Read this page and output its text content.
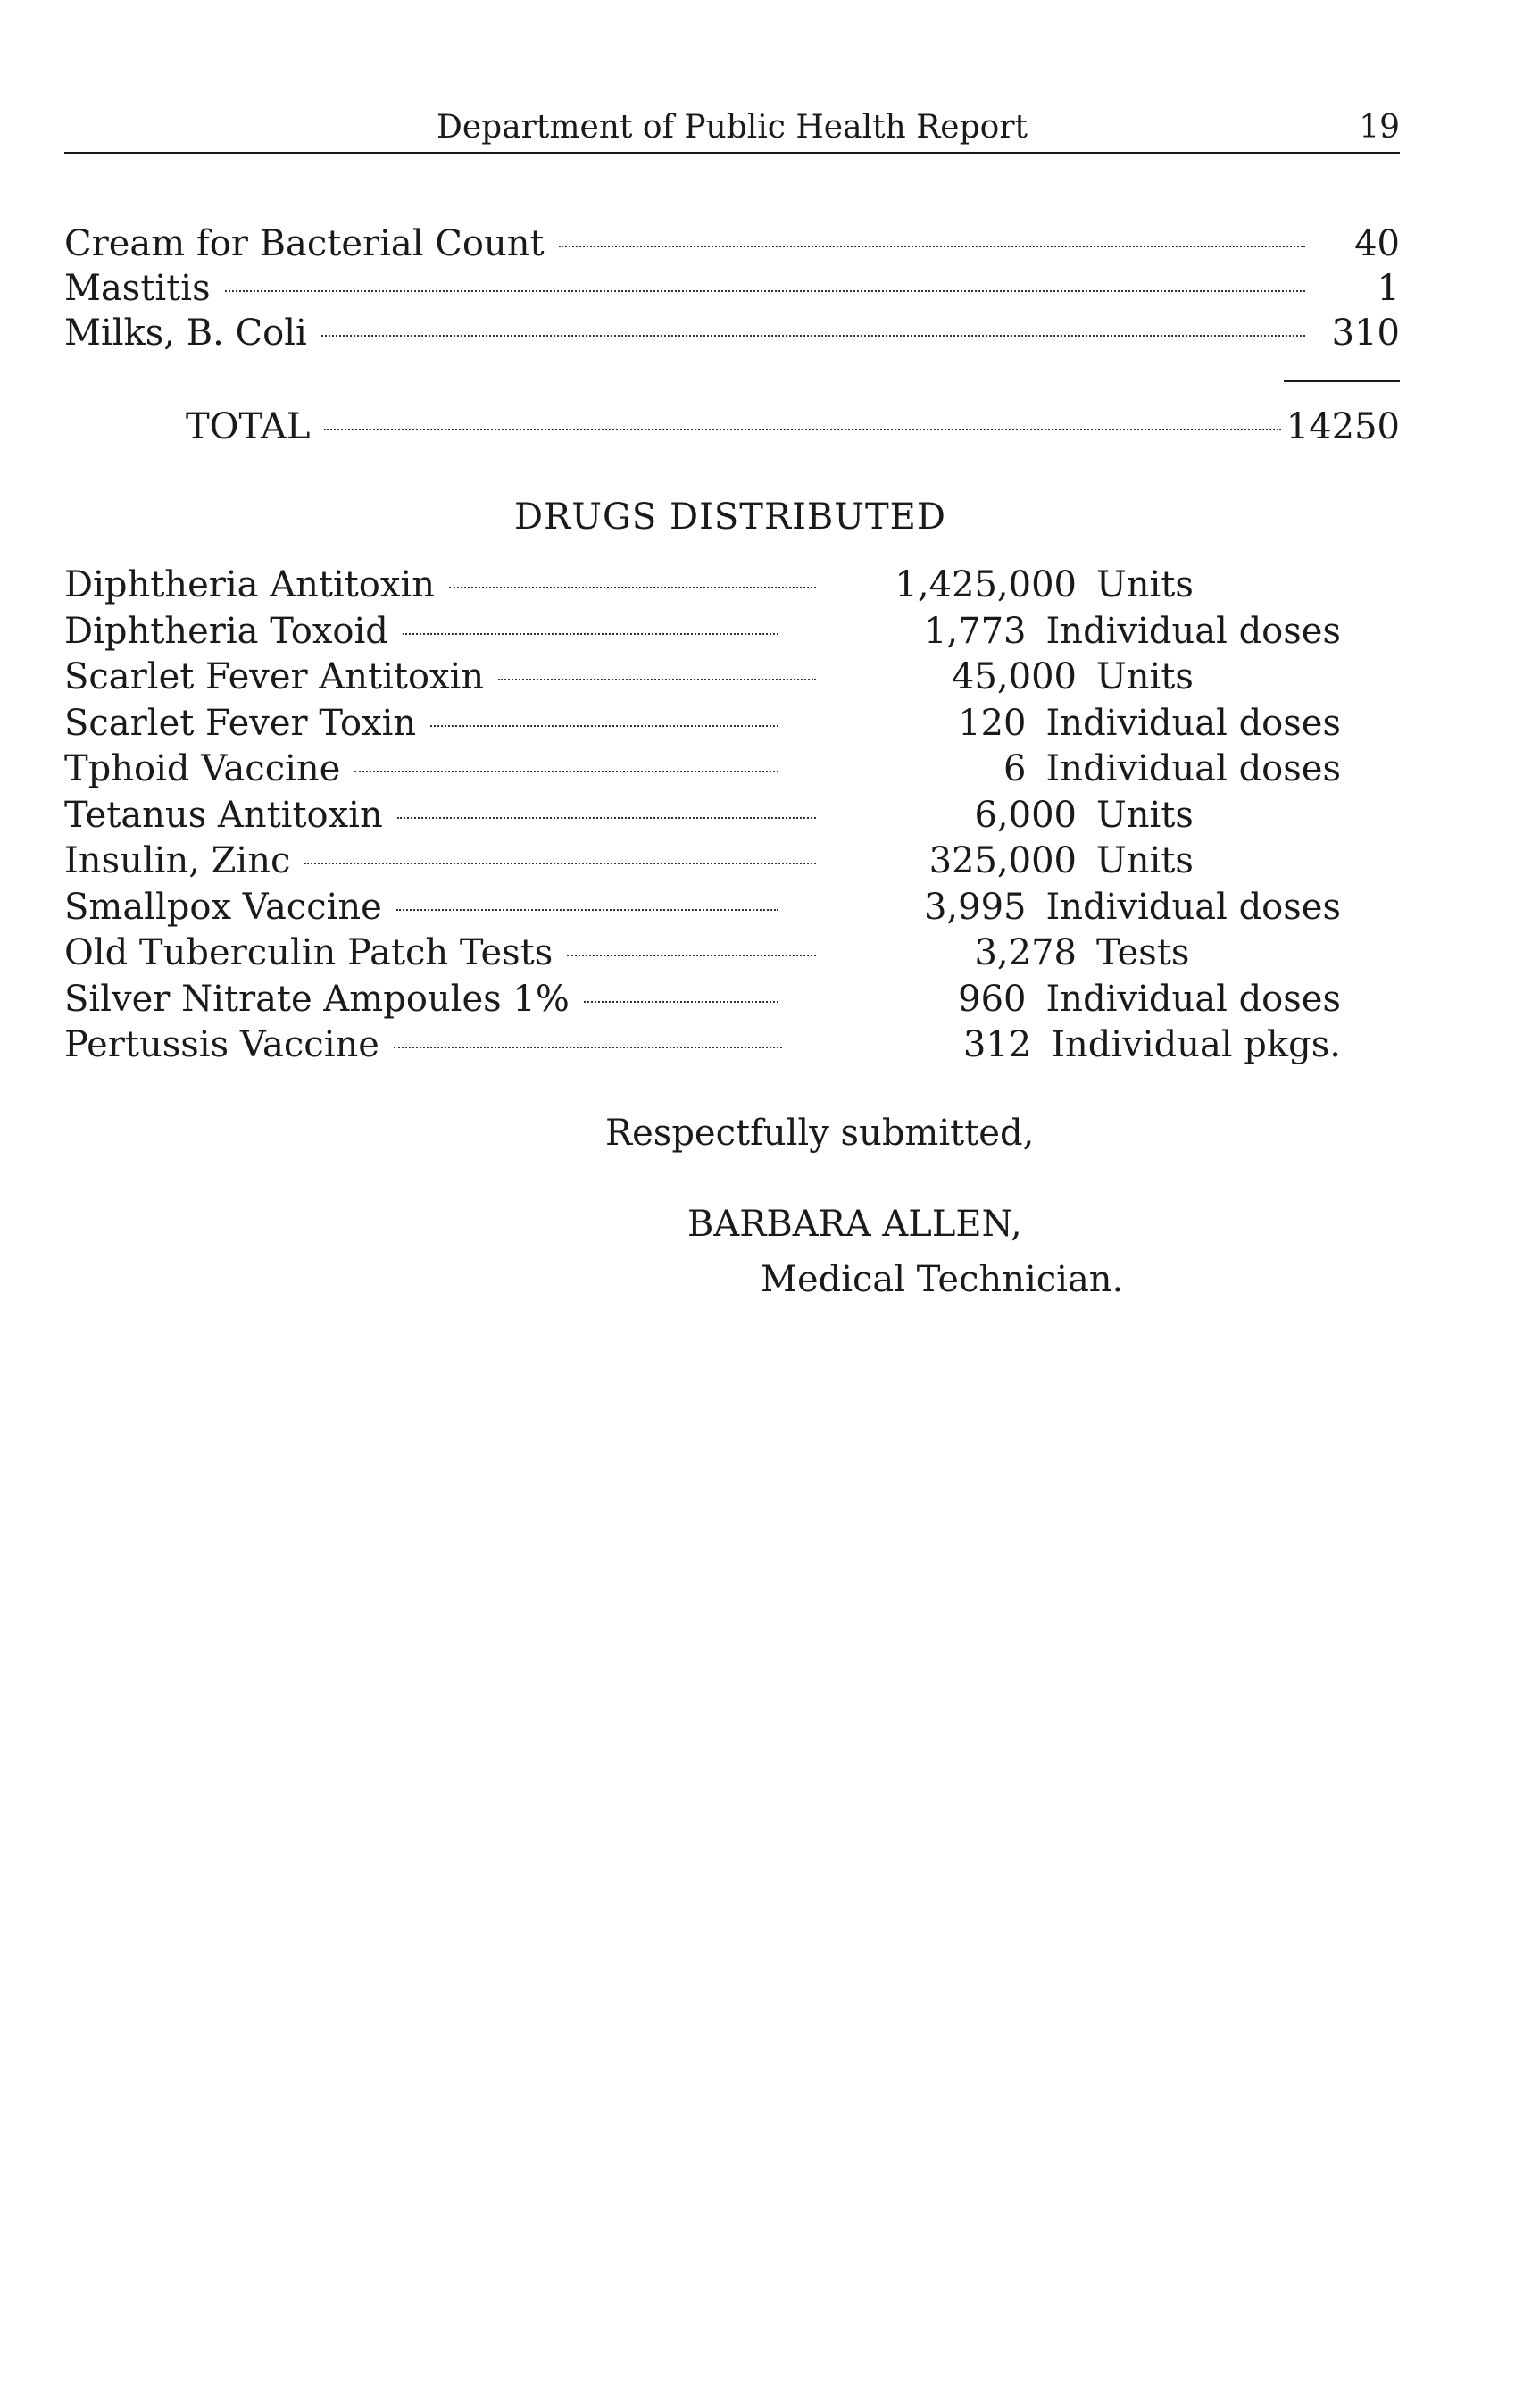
Department of Public Health Report	19
Cream for Bacterial Count	40
Mastitis	1
Milks, B. Coli	310
TOTAL	14250
DRUGS DISTRIBUTED
Diphtheria Antitoxin	1,425,000 Units
Diphtheria Toxoid	1,773 Individual doses
Scarlet Fever Antitoxin	45,000 Units
Scarlet Fever Toxin	120 Individual doses
Tphoid Vaccine	6 Individual doses
Tetanus Antitoxin	6,000 Units
Insulin, Zinc	325,000 Units
Smallpox Vaccine	3,995 Individual doses
Old Tuberculin Patch Tests	3,278 Tests
Silver Nitrate Ampoules 1%	960 Individual doses
Pertussis Vaccine	312 Individual pkgs.
Respectfully submitted,
BARBARA ALLEN,
Medical Technician.
